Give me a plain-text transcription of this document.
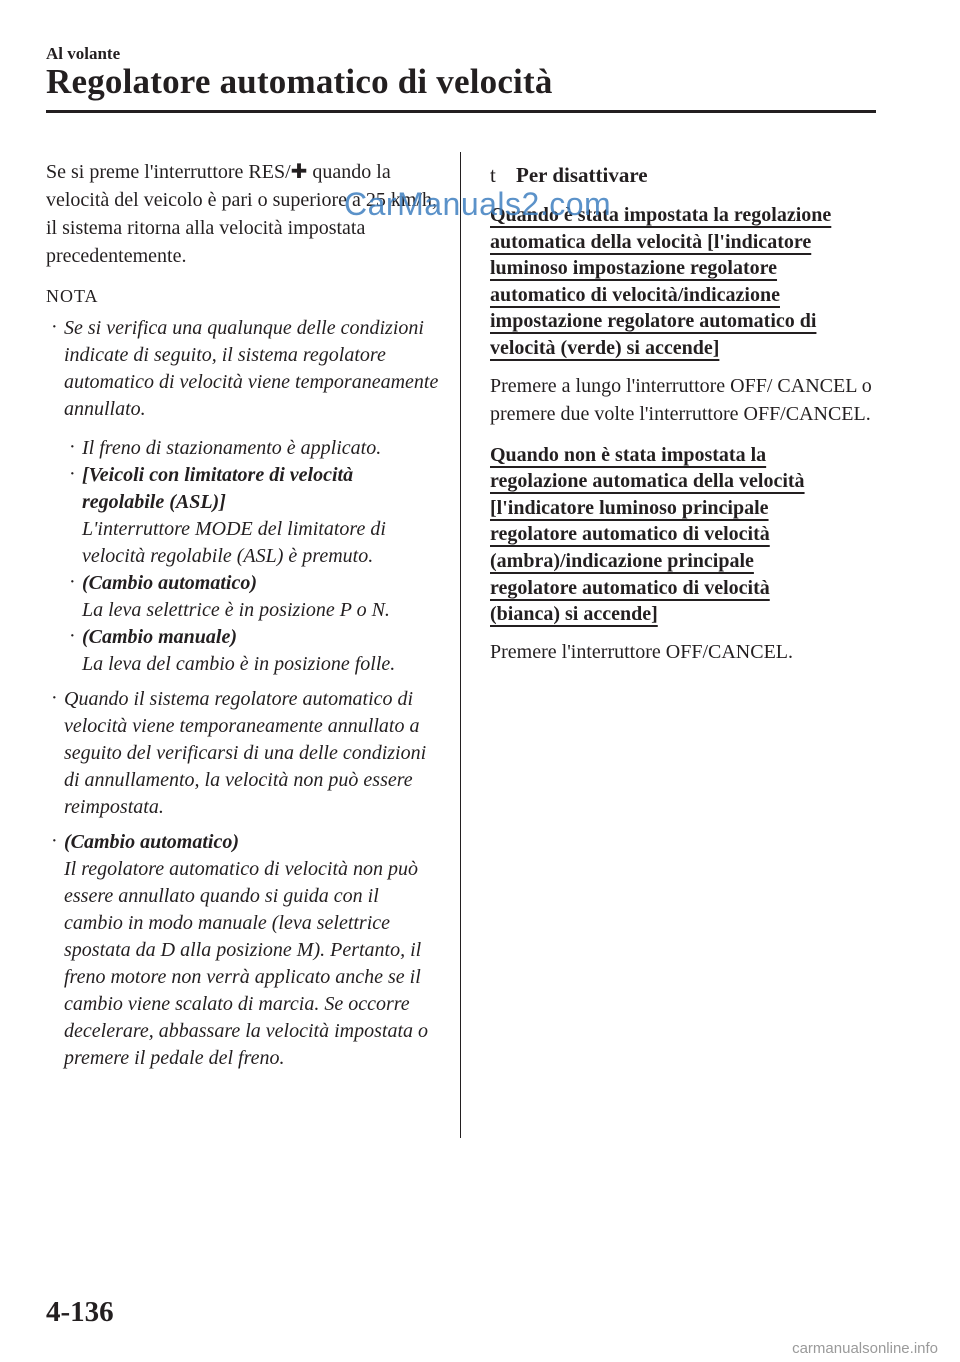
Al volante
Regolatore automatico di velocità

Se si preme l'interruttore RES/✚ quando la velocità del veicolo è pari o superiore a 25 km/h, il sistema ritorna alla velocità impostata precedentemente.

NOTA
· Se si verifica una qualunque delle condizioni indicate di seguito, il sistema regolatore automatico di velocità viene temporaneamente annullato.
· Il freno di stazionamento è applicato.
· [Veicoli con limitatore di velocità regolabile (ASL)]
L'interruttore MODE del limitatore di velocità regolabile (ASL) è premuto.
· (Cambio automatico)
La leva selettrice è in posizione P o N.
· (Cambio manuale)
La leva del cambio è in posizione folle.
· Quando il sistema regolatore automatico di velocità viene temporaneamente annullato a seguito del verificarsi di una delle condizioni di annullamento, la velocità non può essere reimpostata.
· (Cambio automatico)
Il regolatore automatico di velocità non può essere annullato quando si guida con il cambio in modo manuale (leva selettrice spostata da D alla posizione M). Pertanto, il freno motore non verrà applicato anche se il cambio viene scalato di marcia. Se occorre decelerare, abbassare la velocità impostata o premere il pedale del freno.
t Per disattivare
Quando è stata impostata la regolazione
automatica della velocità [l'indicatore
luminoso impostazione regolatore
automatico di velocità/indicazione
impostazione regolatore automatico di
velocità (verde) si accende]

Premere a lungo l'interruttore OFF/ CANCEL o premere due volte l'interruttore OFF/CANCEL.

Quando non è stata impostata la
regolazione automatica della velocità
[l'indicatore luminoso principale
regolatore automatico di velocità
(ambra)/indicazione principale
regolatore automatico di velocità
(bianca) si accende]

Premere l'interruttore OFF/CANCEL.

CarManuals2.com
4-136
carmanualsonline.info
